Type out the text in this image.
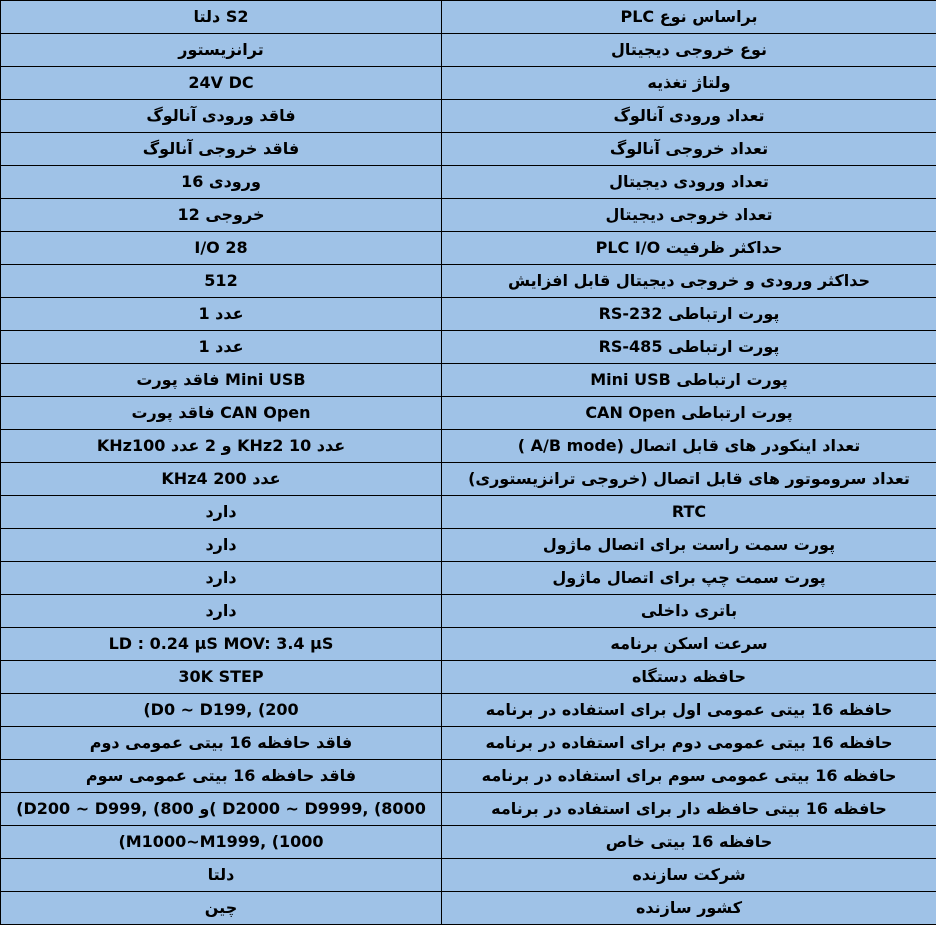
دلتا S2	براساس نوع PLC
ترانزیستور	نوع خروجی دیجیتال
24V DC	ولتاژ تغذیه
فاقد ورودی آنالوگ	تعداد ورودی آنالوگ
فاقد خروجی آنالوگ	تعداد خروجی آنالوگ
ورودی 16	تعداد ورودی دیجیتال
خروجی 12	تعداد خروجی دیجیتال
I/O 28	حداکثر ظرفیت PLC I/O
512	حداکثر ورودی و خروجی دیجیتال قابل افزایش
عدد 1	پورت ارتباطی RS-232
عدد 1	پورت ارتباطی RS-485
فاقد پورت Mini USB	پورت ارتباطی Mini USB
فاقد پورت CAN Open	پورت ارتباطی CAN Open
KHzو 2 عدد 100 KHzعدد 10 2	تعداد اینکودر های قابل اتصال (A/B mode )
KHzعدد 200 4	تعداد سروموتور های قابل اتصال (خروجی ترانزیستوری)
دارد	RTC
دارد	پورت سمت راست برای اتصال ماژول
دارد	پورت سمت چپ برای اتصال ماژول
دارد	باتری داخلی
LD : 0.24 μS MOV: 3.4 μS	سرعت اسکن برنامه
30K STEP	حافظه دستگاه
(D0 ~ D199, (200	حافظه 16 بیتی عمومی اول برای استفاده در برنامه
فاقد حافظه 16 بیتی عمومی دوم	حافظه 16 بیتی عمومی دوم برای استفاده در برنامه
فاقد حافظه 16 بیتی عمومی سوم	حافظه 16 بیتی عمومی سوم برای استفاده در برنامه
(D200 ~ D999, (800 و( D2000 ~ D9999, (8000	حافظه 16 بیتی حافظه دار برای استفاده در برنامه
(M1000~M1999, (1000	حافظه 16 بیتی خاص
دلتا	شرکت سازنده
چین	کشور سازنده
